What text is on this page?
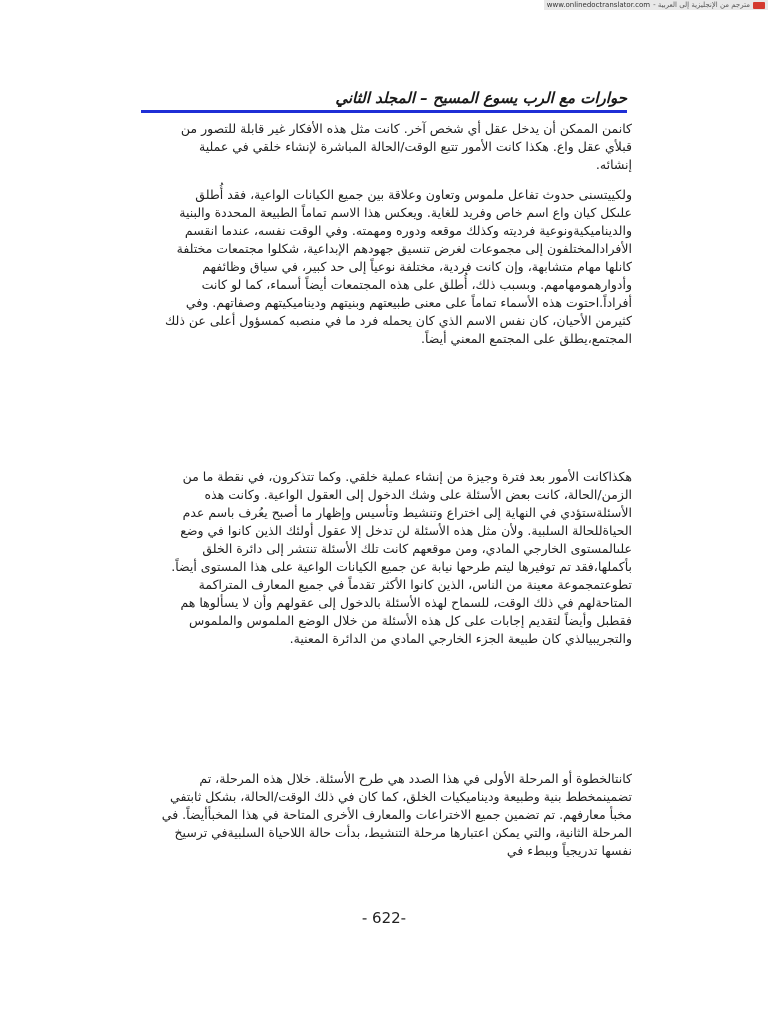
مترجم من الإنجليزية إلى العربية -
www.onlinedoctranslator.com

حوارات مع الرب يسوع المسيح – المجلد الثاني

كانمن الممكن أن يدخل عقل أي شخص آخر. كانت مثل هذه الأفكار غير قابلة للتصور من قبلأي عقل واع. هكذا كانت الأمور تتبع الوقت/الحالة المباشرة لإنشاء خلقي في عملية إنشائه.

ولكييتسنى حدوث تفاعل ملموس وتعاون وعلاقة بين جميع الكيانات الواعية، فقد أُطلق علىكل كيان واع اسم خاص وفريد للغاية. ويعكس هذا الاسم تماماً الطبيعة المحددة والبنية والديناميكيةونوعية فرديته وكذلك موقعه ودوره ومهمته. وفي الوقت نفسه، عندما انقسم الأفرادالمختلفون إلى مجموعات لغرض تنسيق جهودهم الإبداعية، شكلوا مجتمعات مختلفة كانلها مهام متشابهة، وإن كانت فردية، مختلفة نوعياً إلى حد كبير، في سياق وظائفهم وأدوارهمومهامهم. وبسبب ذلك، أُطلق على هذه المجتمعات أيضاً أسماء، كما لو كانت أفراداً.احتوت هذه الأسماء تماماً على معنى طبيعتهم وبنيتهم وديناميكيتهم وصفاتهم. وفي كثيرمن الأحيان، كان نفس الاسم الذي كان يحمله فرد ما في منصبه كمسؤول أعلى عن ذلك المجتمع،يطلق على المجتمع المعني أيضاً.

هكذاكانت الأمور بعد فترة وجيزة من إنشاء عملية خلقي. وكما تتذكرون، في نقطة ما من الزمن/الحالة، كانت بعض الأسئلة على وشك الدخول إلى العقول الواعية. وكانت هذه الأسئلةستؤدي في النهاية إلى اختراع وتنشيط وتأسيس وإظهار ما أصبح يعُرف باسم عدم الحياةللحالة السلبية. ولأن مثل هذه الأسئلة لن تدخل إلا عقول أولئك الذين كانوا في وضع علىالمستوى الخارجي المادي، ومن موقعهم كانت تلك الأسئلة تنتشر إلى دائرة الخلق بأكملها،فقد تم توفيرها ليتم طرحها نيابة عن جميع الكيانات الواعية على هذا المستوى أيضاً. تطوعتمجموعة معينة من الناس، الذين كانوا الأكثر تقدماً في جميع المعارف المتراكمة المتاحةلهم في ذلك الوقت، للسماح لهذه الأسئلة بالدخول إلى عقولهم وأن لا يسألوها هم فقطبل وأيضاً لتقديم إجابات على كل هذه الأسئلة من خلال الوضع الملموس والملموس والتجريبيالذي كان طبيعة الجزء الخارجي المادي من الدائرة المعنية.

كانتالخطوة أو المرحلة الأولى في هذا الصدد هي طرح الأسئلة. خلال هذه المرحلة، تم تضمينمخطط بنية وطبيعة وديناميكيات الخلق، كما كان في ذلك الوقت/الحالة، بشكل ثابتفي مخبأ معارفهم. تم تضمين جميع الاختراعات والمعارف الأخرى المتاحة في هذا المخبأأيضاً. في المرحلة الثانية، والتي يمكن اعتبارها مرحلة التنشيط، بدأت حالة اللاحياة السلبيةفي ترسيخ نفسها تدريجياً وببطء في

- 622-
